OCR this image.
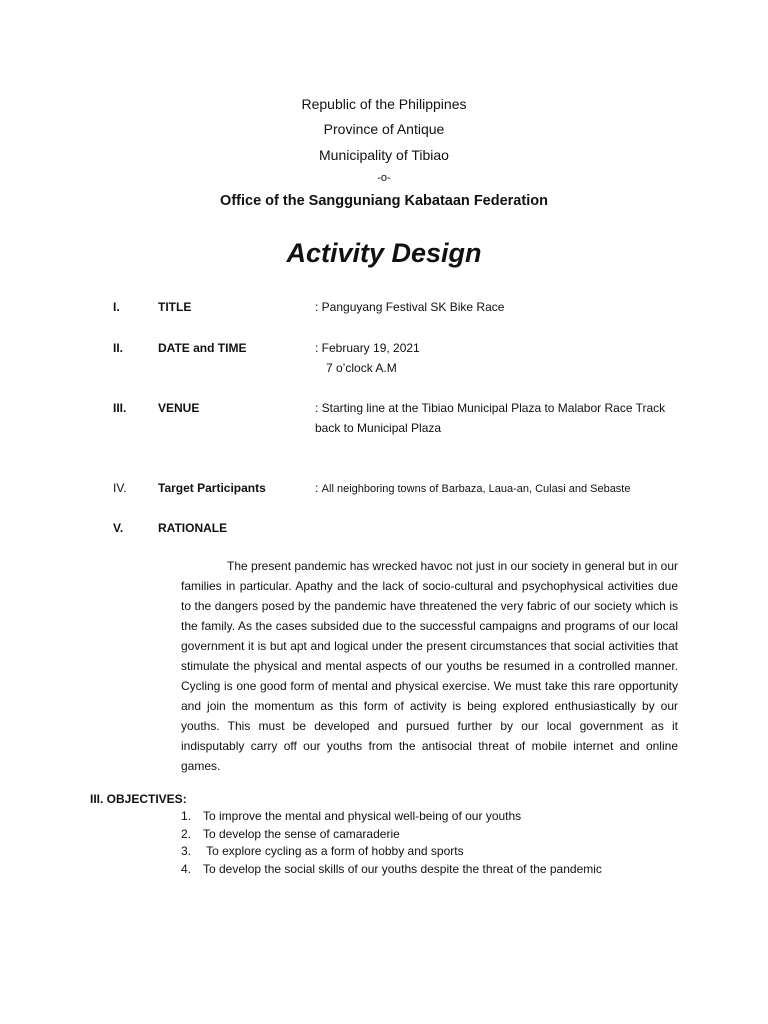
Republic of the Philippines
Province of Antique
Municipality of Tibiao
-o-
Office of the Sangguniang Kabataan Federation
Activity Design
I.	TITLE	: Panguyang Festival SK Bike Race
II.	DATE and TIME	: February 19, 2021
7 o’clock A.M
III.	VENUE	: Starting line at the Tibiao Municipal Plaza to Malabor Race Track back to Municipal Plaza
IV.	Target Participants	: All neighboring towns of Barbaza, Laua-an, Culasi and Sebaste
V.	RATIONALE

The present pandemic has wrecked havoc not just in our society in general but in our families in particular. Apathy and the lack of socio-cultural and psychophysical activities due to the dangers posed by the pandemic have threatened the very fabric of our society which is the family. As the cases subsided due to the successful campaigns and programs of our local government it is but apt and logical under the present circumstances that social activities that stimulate the physical and mental aspects of our youths be resumed in a controlled manner. Cycling is one good form of mental and physical exercise. We must take this rare opportunity and join the momentum as this form of activity is being explored enthusiastically by our youths. This must be developed and pursued further by our local government as it indisputably carry off our youths from the antisocial threat of mobile internet and online games.

III. OBJECTIVES:
1. To improve the mental and physical well-being of our youths
2. To develop the sense of camaraderie
3. To explore cycling as a form of hobby and sports
4. To develop the social skills of our youths despite the threat of the pandemic
